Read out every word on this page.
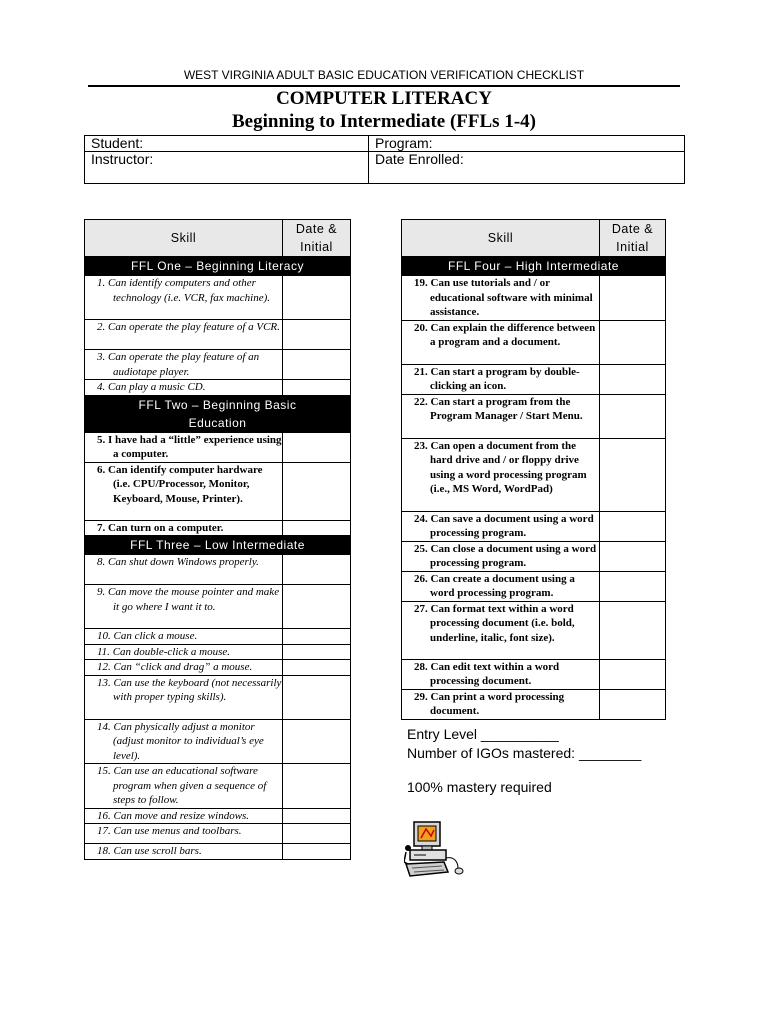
WEST VIRGINIA ADULT BASIC EDUCATION VERIFICATION CHECKLIST
COMPUTER LITERACY
Beginning to Intermediate (FFLs 1-4)
Student:	Program:
Instructor:	Date Enrolled:
Skill	Date &
Initial
FFL One – Beginning Literacy	

1. Can identify computers and other technology (i.e. VCR, fax machine).	

2. Can operate the play feature of a VCR.	

3. Can operate the play feature of an audiotape player.	

4. Can play a music CD.	

FFL Two – Beginning Basic
Education	

5. I have had a “little” experience using a computer.	

6. Can identify computer hardware (i.e. CPU/Processor, Monitor, Keyboard, Mouse, Printer).	

7. Can turn on a computer.	

FFL Three – Low Intermediate	

8. Can shut down Windows properly.	

9. Can move the mouse pointer and make it go where I want it to.	

10. Can click a mouse.	

11. Can double-click a mouse.	

12. Can “click and drag” a mouse.	

13. Can use the keyboard (not necessarily with proper typing skills).	

14. Can physically adjust a monitor (adjust monitor to individual’s eye level).	

15. Can use an educational software program when given a sequence of steps to follow.	

16. Can move and resize windows.	

17. Can use menus and toolbars.	

18. Can use scroll bars.	

Skill	Date &
Initial
FFL Four – High Intermediate	

19. Can use tutorials and / or educational software with minimal assistance.	

20. Can explain the difference between a program and a document.	

21. Can start a program by double-clicking an icon.	

22. Can start a program from the Program Manager / Start Menu.	

23. Can open a document from the hard drive and / or floppy drive using a word processing program (i.e., MS Word, WordPad)	

24. Can save a document using a word processing program.	

25. Can close a document using a word processing program.	

26. Can create a document using a word processing program.	

27. Can format text within a word processing document (i.e. bold, underline, italic, font size).	

28. Can edit text within a word processing document.	

29. Can print a word processing document.	

Entry Level __________
Number of IGOs mastered: ________
100% mastery required
